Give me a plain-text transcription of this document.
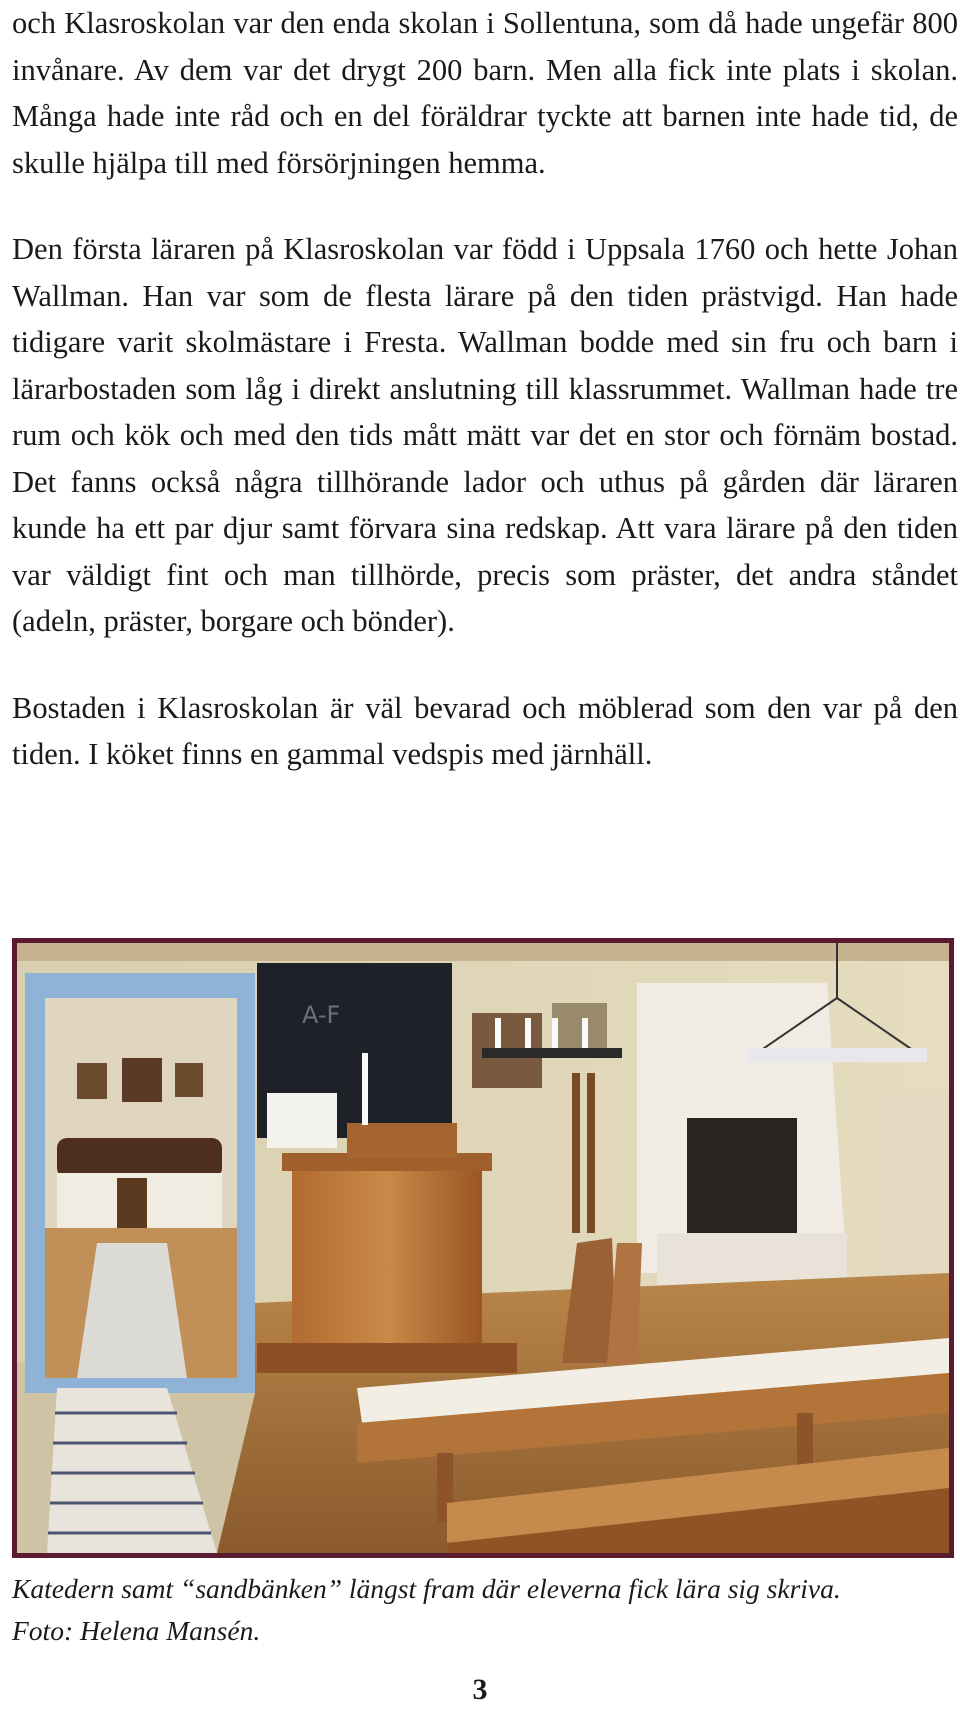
och Klasroskolan var den enda skolan i Sollentuna, som då hade ungefär 800 invånare. Av dem var det drygt 200 barn. Men alla fick inte plats i skolan. Många hade inte råd och en del föräldrar tyckte att barnen inte hade tid, de skulle hjälpa till med försörjningen hemma.

Den första läraren på Klasroskolan var född i Uppsala 1760 och hette Johan Wallman. Han var som de flesta lärare på den tiden prästvigd. Han hade tidigare varit skolmästare i Fresta. Wallman bodde med sin fru och barn i lärarbostaden som låg i direkt anslutning till klassrummet. Wallman hade tre rum och kök och med den tids mått mätt var det en stor och förnäm bostad. Det fanns också några tillhörande lador och uthus på gården där läraren kunde ha ett par djur samt förvara sina redskap. Att vara lärare på den tiden var väldigt fint och man tillhörde, precis som präster, det andra ståndet (adeln, präster, borgare och bönder).

Bostaden i Klasroskolan är väl bevarad och möblerad som den var på den tiden. I köket finns en gammal vedspis med järnhäll.

A-F
Katedern samt “sandbänken” längst fram där eleverna fick lära sig skriva.
Foto: Helena Mansén.
3
